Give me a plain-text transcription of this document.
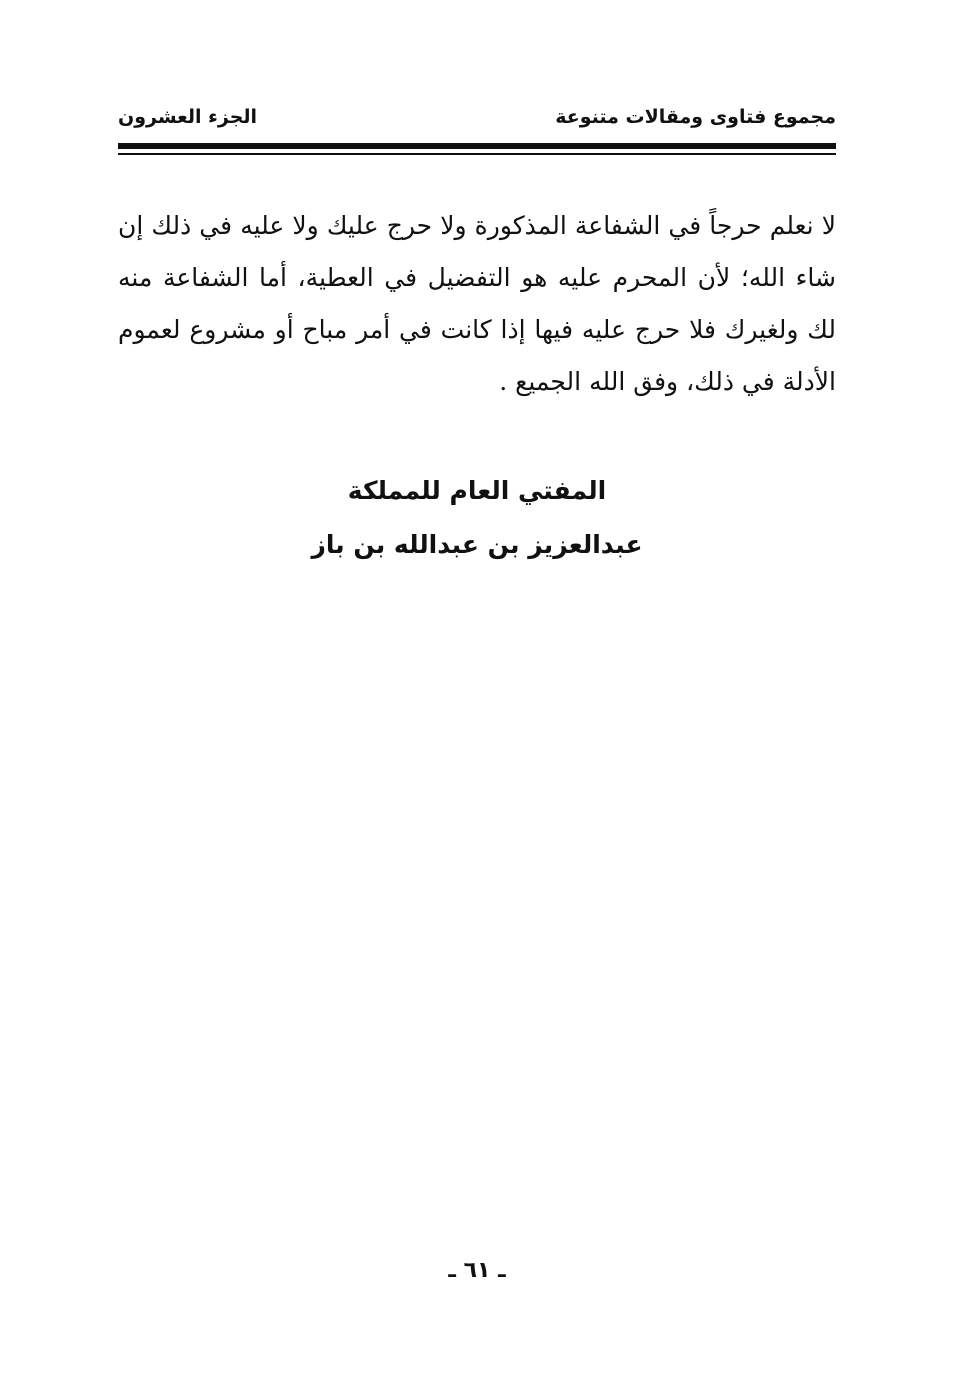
مجموع فتاوى ومقالات متنوعة
الجزء العشرون
لا نعلم حرجاً في الشفاعة المذكورة ولا حرج عليك ولا عليه في ذلك إن شاء الله؛ لأن المحرم عليه هو التفضيل في العطية، أما الشفاعة منه لك ولغيرك فلا حرج عليه فيها إذا كانت في أمر مباح أو مشروع لعموم الأدلة في ذلك، وفق الله الجميع .
المفتي العام للمملكة
عبدالعزيز بن عبدالله بن باز
ـ ٦١ ـ
